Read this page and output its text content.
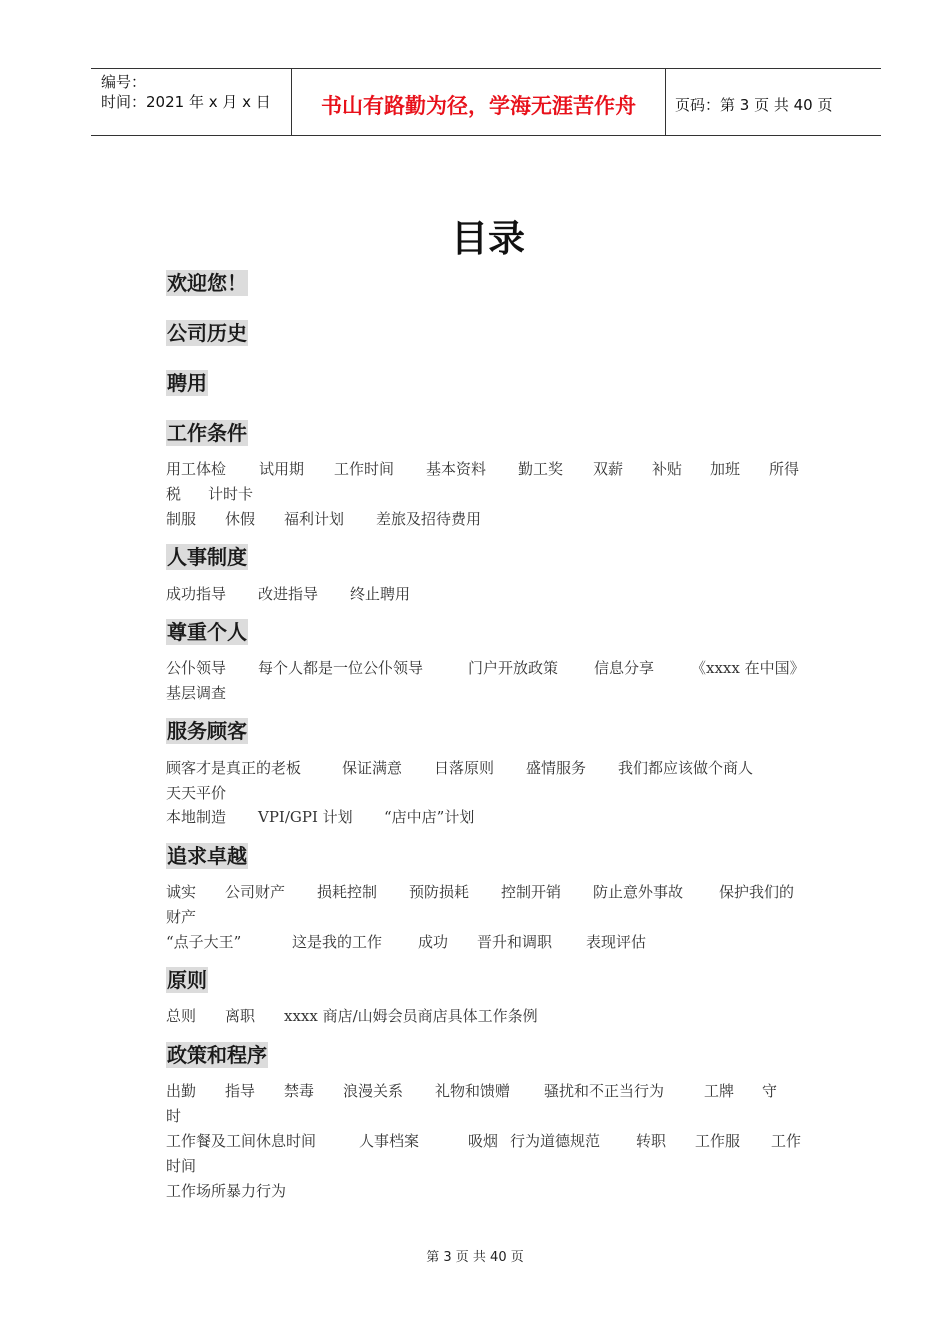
编号：
时间：2021 年 x 月 x 日	书山有路勤为径，学海无涯苦作舟	页码：第 3 页 共 40 页
目录
欢迎您！
公司历史
聘用
工作条件
用工体检 试用期 工作时间 基本资料 勤工奖 双薪 补贴 加班 所得
税 计时卡
制服 休假 福利计划 差旅及招待费用
人事制度
成功指导 改进指导 终止聘用
尊重个人
公仆领导 每个人都是一位公仆领导	门户开放政策 信息分享 《xxxx 在中国》
基层调查
服务顾客
顾客才是真正的老板	保证满意 日落原则 盛情服务 我们都应该做个商人
天天平价
本地制造 VPI/GPI 计划 “店中店”计划
追求卓越
诚实 公司财产 损耗控制 预防损耗 控制开销 防止意外事故 保护我们的
财产
“点子大王”	这是我的工作 成功 晋升和调职 表现评估
原则
总则 离职 xxxx 商店/山姆会员商店具体工作条例
政策和程序
出勤 指导 禁毒 浪漫关系 礼物和馈赠 骚扰和不正当行为	工牌 守
时
工作餐及工间休息时间	人事档案	吸烟 行为道德规范 转职 工作服 工作
时间
工作场所暴力行为
第 3 页 共 40 页
